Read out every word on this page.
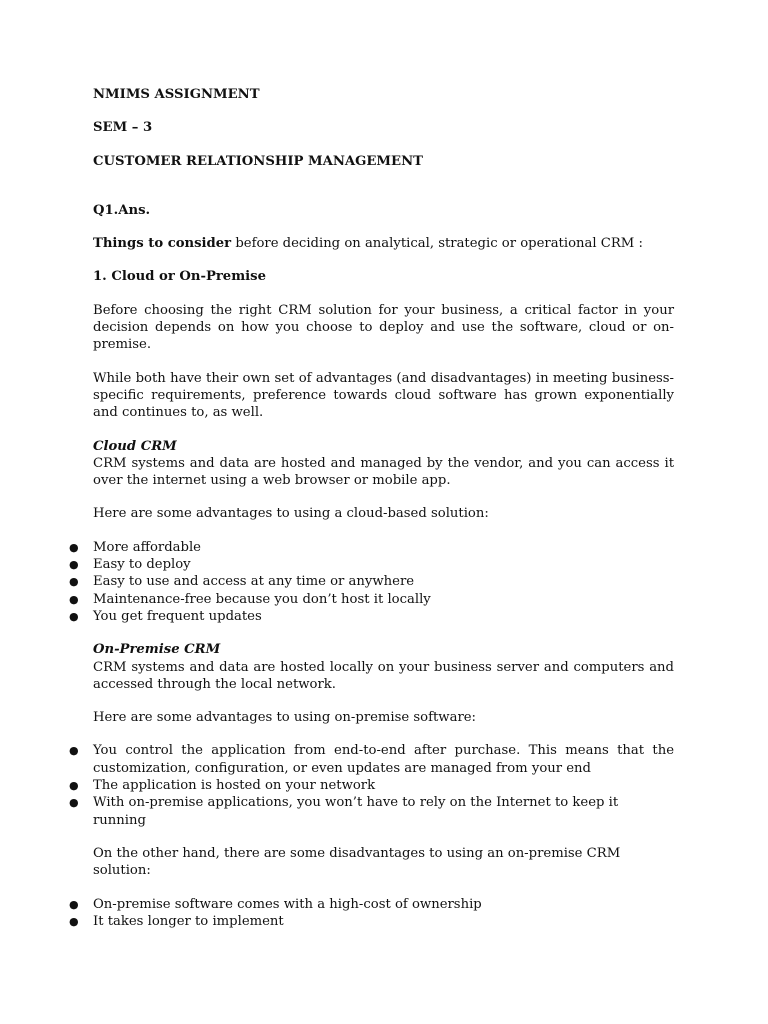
NMIMS ASSIGNMENT

SEM – 3

CUSTOMER RELATIONSHIP MANAGEMENT

Q1.Ans.

Things to consider before deciding on analytical, strategic or operational CRM :

1. Cloud or On-Premise

Before choosing the right CRM solution for your business, a critical factor in your decision depends on how you choose to deploy and use the software, cloud or on-premise.

While both have their own set of advantages (and disadvantages) in meeting business-specific requirements, preference towards cloud software has grown exponentially and continues to, as well.

Cloud CRM

CRM systems and data are hosted and managed by the vendor, and you can access it over the internet using a web browser or mobile app.

Here are some advantages to using a cloud-based solution:

● More affordable
● Easy to deploy
● Easy to use and access at any time or anywhere
● Maintenance-free because you don’t host it locally
● You get frequent updates

On-Premise CRM

CRM systems and data are hosted locally on your business server and computers and accessed through the local network.

Here are some advantages to using on-premise software:

● You control the application from end-to-end after purchase. This means that the customization, configuration, or even updates are managed from your end
● The application is hosted on your network
● With on-premise applications, you won’t have to rely on the Internet to keep it running

On the other hand, there are some disadvantages to using an on-premise CRM solution:

● On-premise software comes with a high-cost of ownership
● It takes longer to implement
